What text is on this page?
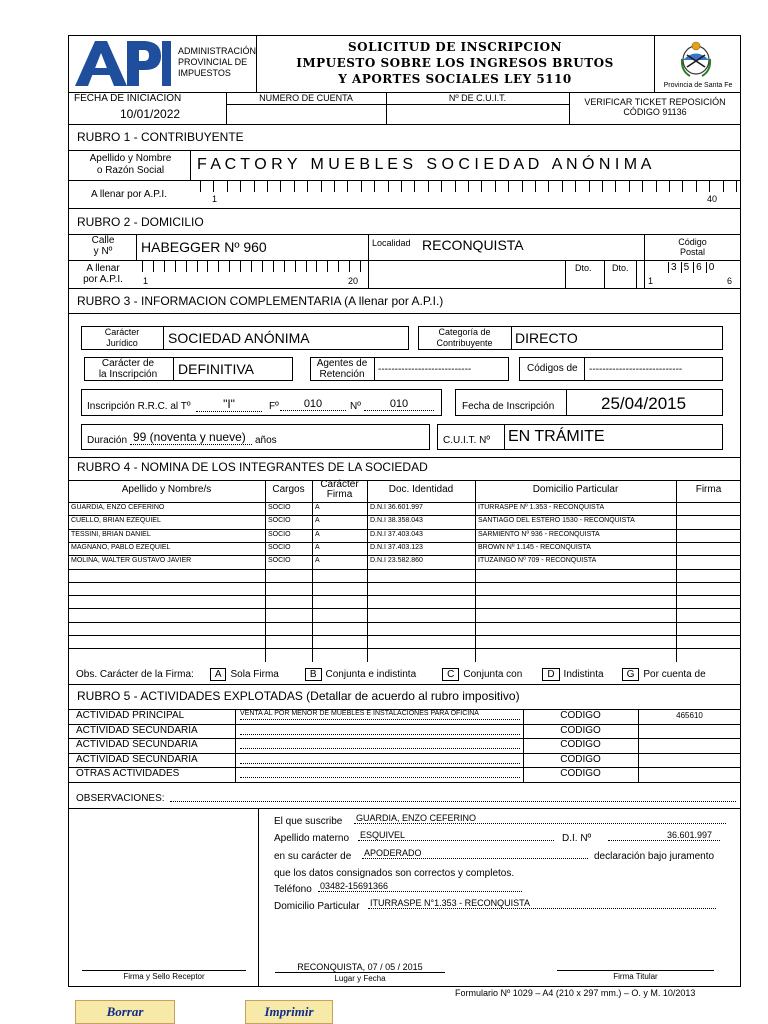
ADMINISTRACIÓN
PROVINCIAL DE
IMPUESTOS
SOLICITUD DE INSCRIPCION
IMPUESTO SOBRE LOS INGRESOS BRUTOS
Y APORTES SOCIALES LEY 5110	Provincia de Santa Fe
FECHA DE INICIACION
10/01/2022
NUMERO DE CUENTA	Nº DE C.U.I.T.	VERIFICAR TICKET REPOSICIÓN
CÓDIGO 91136
RUBRO 1 - CONTRIBUYENTE
Apellido y Nombre
o Razón Social	F A C T O R Y   M U E B L E S   S O C I E D A D   A N Ó N I M A
A llenar por A.P.I.	1	40
RUBRO 2 - DOMICILIO
Calle
y Nº	HABEGGER Nº 960	Localidad RECONQUISTA	Código
Postal
A llenar
por A.P.I.	1	20
Dto. Dto.	3 5 6 0
1	6
RUBRO 3 - INFORMACION COMPLEMENTARIA (A llenar por A.P.I.)
Carácter
Jurídico	SOCIEDAD ANÓNIMA	Categoría de
Contribuyente	DIRECTO
Carácter de
la Inscripción	DEFINITIVA	Agentes de
Retención	----------------------------	Códigos de ----------------------------
Inscripción R.R.C. al Tº	"I"	Fº	010	Nº	010	Fecha de Inscripción	25/04/2015
Duración 99 (noventa y nueve) años	C.U.I.T. Nº EN TRÁMITE
RUBRO 4 - NOMINA DE LOS INTEGRANTES DE LA SOCIEDAD
Apellido y Nombre/s	Cargos	Carácter Firma	Doc. Identidad	Domicilio Particular	Firma
GUARDIA, ENZO CEFERINO	SOCIO	A	D.N.I 36.601.997	ITURRASPE Nº 1.353 - RECONQUISTA
CUELLO, BRIAN EZEQUIEL	SOCIO	A	D.N.I 38.358.043	SANTIAGO DEL ESTERO 1530 - RECONQUISTA
TESSINI, BRIAN DANIEL	SOCIO	A	D.N.I 37.403.043	SARMIENTO Nº 936 - RECONQUISTA
MAGNANO, PABLO EZEQUIEL	SOCIO	A	D.N.I 37.403.123	BROWN Nº 1.145 - RECONQUISTA
MOLINA, WALTER GUSTAVO JAVIER	SOCIO	A	D.N.I 23.582.860	ITUZAINGÓ Nº 709 - RECONQUISTA
Obs. Carácter de la Firma:	A Sola Firma	B Conjunta e indistinta	C Conjunta con	D Indistinta	G Por cuenta de
RUBRO 5 - ACTIVIDADES EXPLOTADAS (Detallar de acuerdo al rubro impositivo)
ACTIVIDAD PRINCIPAL	VENTA AL POR MENOR DE MUEBLES E INSTALACIONES PARA OFICINA	CODIGO	465610
ACTIVIDAD SECUNDARIA	CODIGO
ACTIVIDAD SECUNDARIA	CODIGO
ACTIVIDAD SECUNDARIA	CODIGO
OTRAS ACTIVIDADES	CODIGO
OBSERVACIONES:
El que suscribe GUARDIA, ENZO CEFERINO
Apellido materno ESQUIVEL	D.I. Nº	36.601.997
en su carácter de APODERADO	declaración bajo juramento
que los datos consignados son correctos y completos.
Teléfono 03482-15691366
Domicilio Particular ITURRASPE N°1.353 - RECONQUISTA
Firma y Sello Receptor
RECONQUISTA, 07 / 05 / 2015
Lugar y Fecha	Firma Titular
Formulario Nº 1029 – A4 (210 x 297 mm.) – O. y M. 10/2013
Borrar	Imprimir
